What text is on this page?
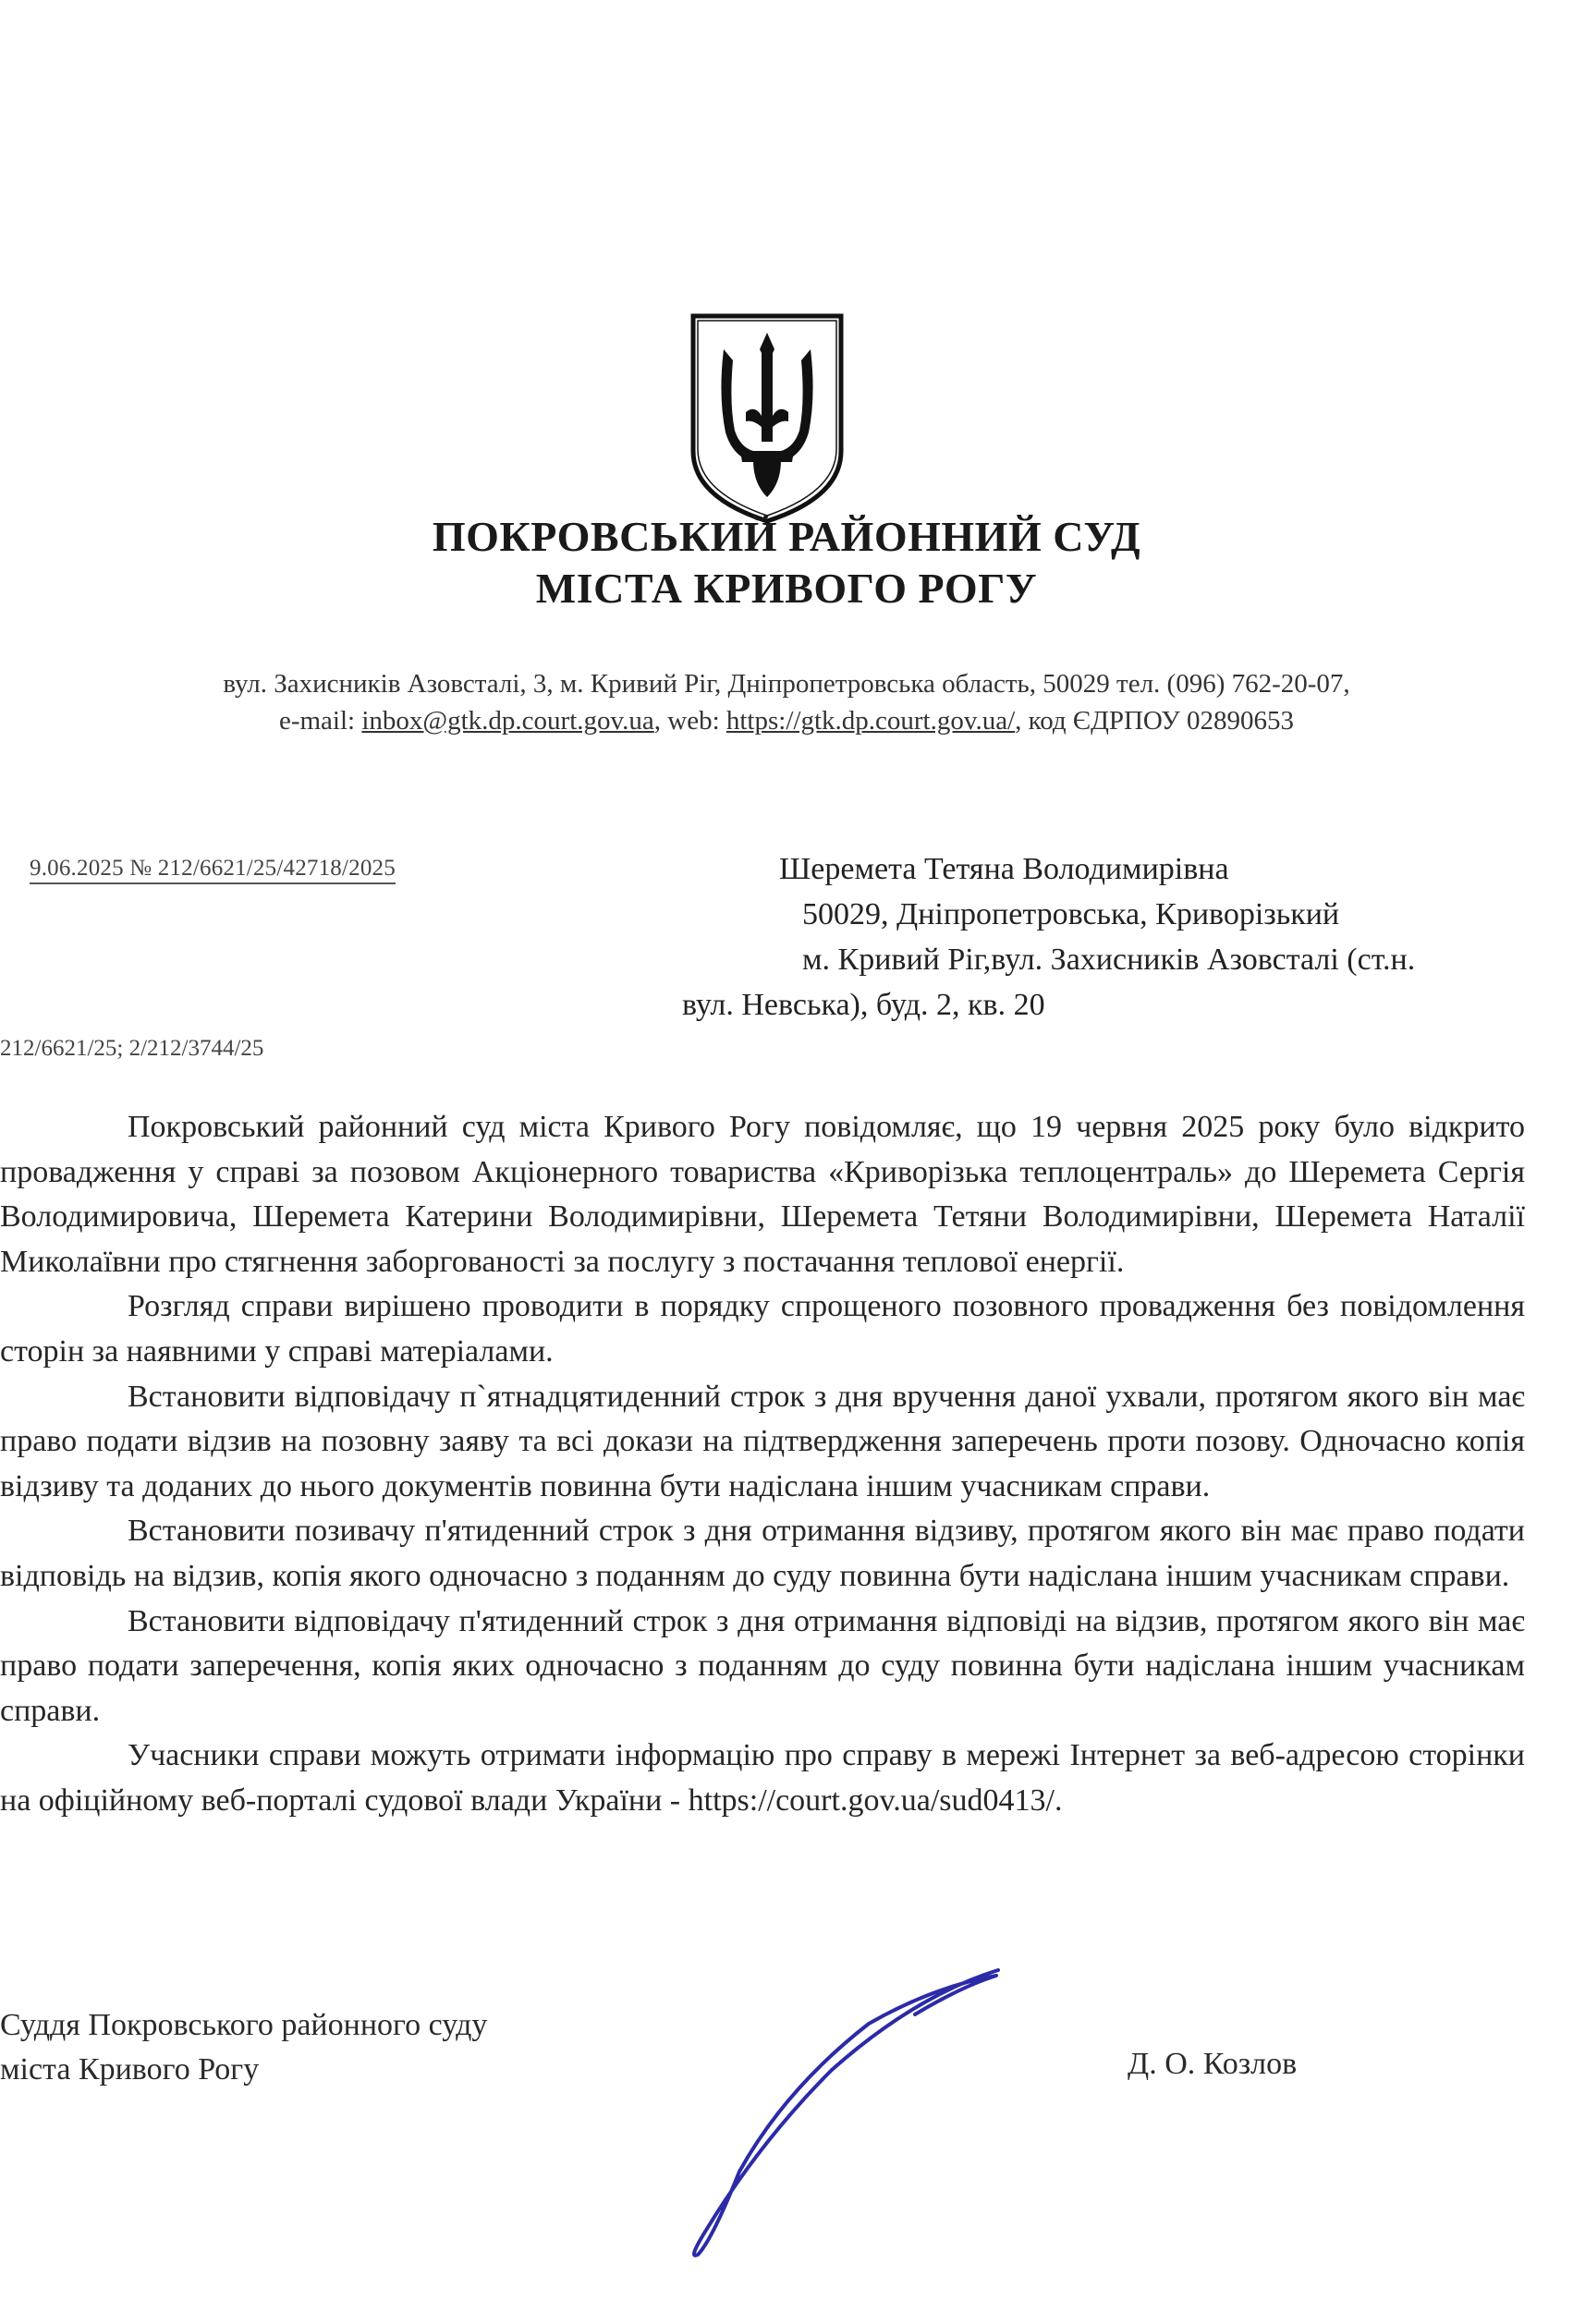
ПОКРОВСЬКИЙ РАЙОННИЙ СУД
МІСТА КРИВОГО РОГУ
вул. Захисників Азовсталі, 3, м. Кривий Ріг, Дніпропетровська область, 50029 тел. (096) 762-20-07,
e-mail: inbox@gtk.dp.court.gov.ua, web: https://gtk.dp.court.gov.ua/, код ЄДРПОУ 02890653
9.06.2025 № 212/6621/25/42718/2025	Шеремета Тетяна Володимирівна
50029, Дніпропетровська, Криворізький
м. Кривий Ріг,вул. Захисників Азовсталі (ст.н.
вул. Невська), буд. 2, кв. 20
212/6621/25; 2/212/3744/25

Покровський районний суд міста Кривого Рогу повідомляє, що 19 червня 2025 року було відкрито провадження у справі за позовом Акціонерного товариства «Криворізька теплоцентраль» до Шеремета Сергія Володимировича, Шеремета Катерини Володимирівни, Шеремета Тетяни Володимирівни, Шеремета Наталії Миколаївни про стягнення заборгованості за послугу з постачання теплової енергії.

Розгляд справи вирішено проводити в порядку спрощеного позовного провадження без повідомлення сторін за наявними у справі матеріалами.

Встановити відповідачу п`ятнадцятиденний строк з дня вручення даної ухвали, протягом якого він має право подати відзив на позовну заяву та всі докази на підтвердження заперечень проти позову. Одночасно копія відзиву та доданих до нього документів повинна бути надіслана іншим учасникам справи.

Встановити позивачу п'ятиденний строк з дня отримання відзиву, протягом якого він має право подати відповідь на відзив, копія якого одночасно з поданням до суду повинна бути надіслана іншим учасникам справи.

Встановити відповідачу п'ятиденний строк з дня отримання відповіді на відзив, протягом якого він має право подати заперечення, копія яких одночасно з поданням до суду повинна бути надіслана іншим учасникам справи.

Учасники справи можуть отримати інформацію про справу в мережі Інтернет за веб-адресою сторінки на офіційному веб-порталі судової влади України - https://court.gov.ua/sud0413/.

Суддя Покровського районного суду
міста Кривого Рогу	Д. О. Козлов
